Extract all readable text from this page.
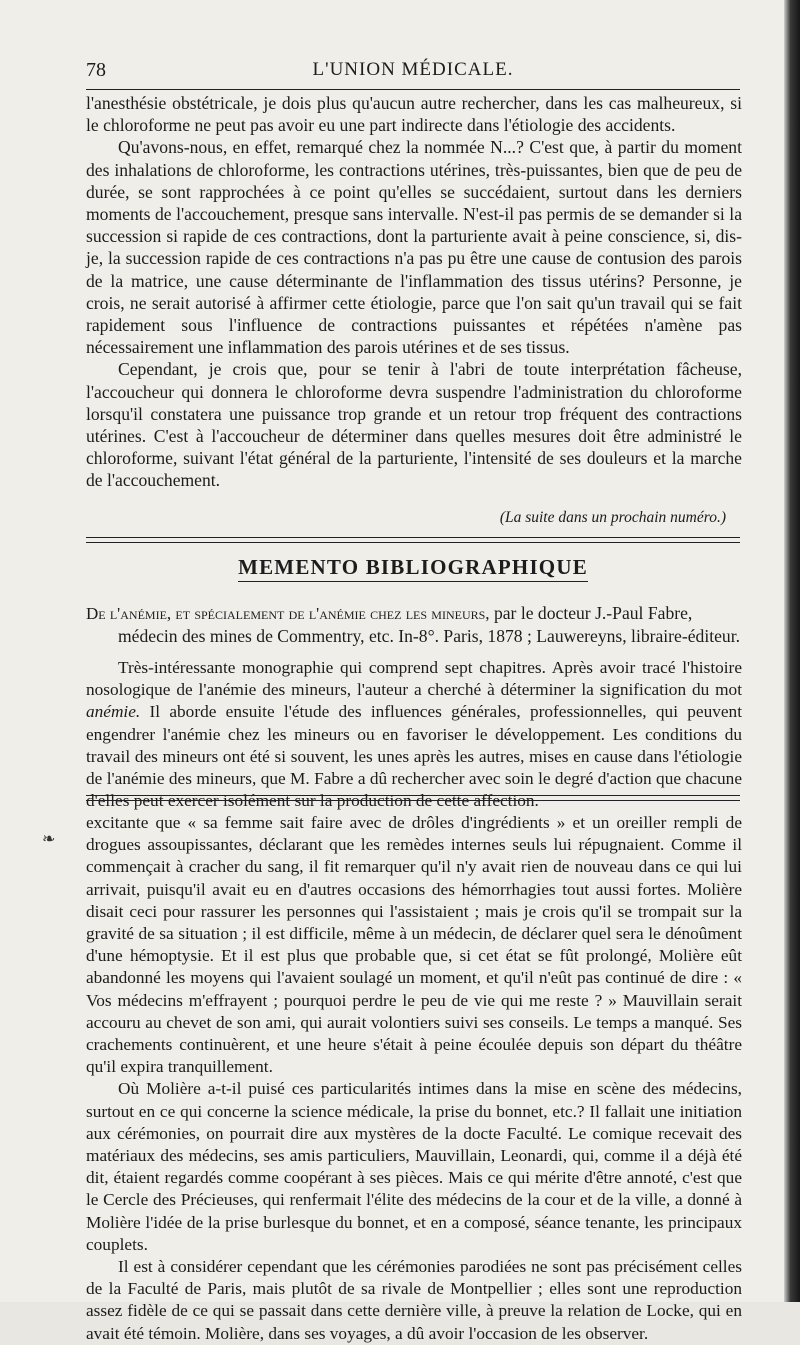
78	L'UNION MÉDICALE.

l'anesthésie obstétricale, je dois plus qu'aucun autre rechercher, dans les cas malheureux, si le chloroforme ne peut pas avoir eu une part indirecte dans l'étiologie des accidents.

Qu'avons-nous, en effet, remarqué chez la nommée N...? C'est que, à partir du moment des inhalations de chloroforme, les contractions utérines, très-puissantes, bien que de peu de durée, se sont rapprochées à ce point qu'elles se succédaient, surtout dans les derniers moments de l'accouchement, presque sans intervalle. N'est-il pas permis de se demander si la succession si rapide de ces contractions, dont la parturiente avait à peine conscience, si, dis-je, la succession rapide de ces contractions n'a pas pu être une cause de contusion des parois de la matrice, une cause déterminante de l'inflammation des tissus utérins? Personne, je crois, ne serait autorisé à affirmer cette étiologie, parce que l'on sait qu'un travail qui se fait rapidement sous l'influence de contractions puissantes et répétées n'amène pas nécessairement une inflammation des parois utérines et de ses tissus.

Cependant, je crois que, pour se tenir à l'abri de toute interprétation fâcheuse, l'accoucheur qui donnera le chloroforme devra suspendre l'administration du chloroforme lorsqu'il constatera une puissance trop grande et un retour trop fréquent des contractions utérines. C'est à l'accoucheur de déterminer dans quelles mesures doit être administré le chloroforme, suivant l'état général de la parturiente, l'intensité de ses douleurs et la marche de l'accouchement.

(La suite dans un prochain numéro.)
MEMENTO BIBLIOGRAPHIQUE

De l'anémie, et spécialement de l'anémie chez les mineurs, par le docteur J.-Paul Fabre,

médecin des mines de Commentry, etc. In-8°. Paris, 1878 ; Lauwereyns, libraire-éditeur.

Très-intéressante monographie qui comprend sept chapitres. Après avoir tracé l'histoire nosologique de l'anémie des mineurs, l'auteur a cherché à déterminer la signification du mot anémie. Il aborde ensuite l'étude des influences générales, professionnelles, qui peuvent engendrer l'anémie chez les mineurs ou en favoriser le développement. Les conditions du travail des mineurs ont été si souvent, les unes après les autres, mises en cause dans l'étiologie de l'anémie des mineurs, que M. Fabre a dû rechercher avec soin le degré d'action que chacune d'elles peut exercer isolément sur la production de cette affection.

❧

excitante que « sa femme sait faire avec de drôles d'ingrédients » et un oreiller rempli de drogues assoupissantes, déclarant que les remèdes internes seuls lui répugnaient. Comme il commençait à cracher du sang, il fit remarquer qu'il n'y avait rien de nouveau dans ce qui lui arrivait, puisqu'il avait eu en d'autres occasions des hémorrhagies tout aussi fortes. Molière disait ceci pour rassurer les personnes qui l'assistaient ; mais je crois qu'il se trompait sur la gravité de sa situation ; il est difficile, même à un médecin, de déclarer quel sera le dénoûment d'une hémoptysie. Et il est plus que probable que, si cet état se fût prolongé, Molière eût abandonné les moyens qui l'avaient soulagé un moment, et qu'il n'eût pas continué de dire : « Vos médecins m'effrayent ; pourquoi perdre le peu de vie qui me reste ? » Mauvillain serait accouru au chevet de son ami, qui aurait volontiers suivi ses conseils. Le temps a manqué. Ses crachements continuèrent, et une heure s'était à peine écoulée depuis son départ du théâtre qu'il expira tranquillement.

Où Molière a-t-il puisé ces particularités intimes dans la mise en scène des médecins, surtout en ce qui concerne la science médicale, la prise du bonnet, etc.? Il fallait une initiation aux cérémonies, on pourrait dire aux mystères de la docte Faculté. Le comique recevait des matériaux des médecins, ses amis particuliers, Mauvillain, Leonardi, qui, comme il a déjà été dit, étaient regardés comme coopérant à ses pièces. Mais ce qui mérite d'être annoté, c'est que le Cercle des Précieuses, qui renfermait l'élite des médecins de la cour et de la ville, a donné à Molière l'idée de la prise burlesque du bonnet, et en a composé, séance tenante, les principaux couplets.

Il est à considérer cependant que les cérémonies parodiées ne sont pas précisément celles de la Faculté de Paris, mais plutôt de sa rivale de Montpellier ; elles sont une reproduction assez fidèle de ce qui se passait dans cette dernière ville, à preuve la relation de Locke, qui en avait été témoin. Molière, dans ses voyages, a dû avoir l'occasion de les observer.
